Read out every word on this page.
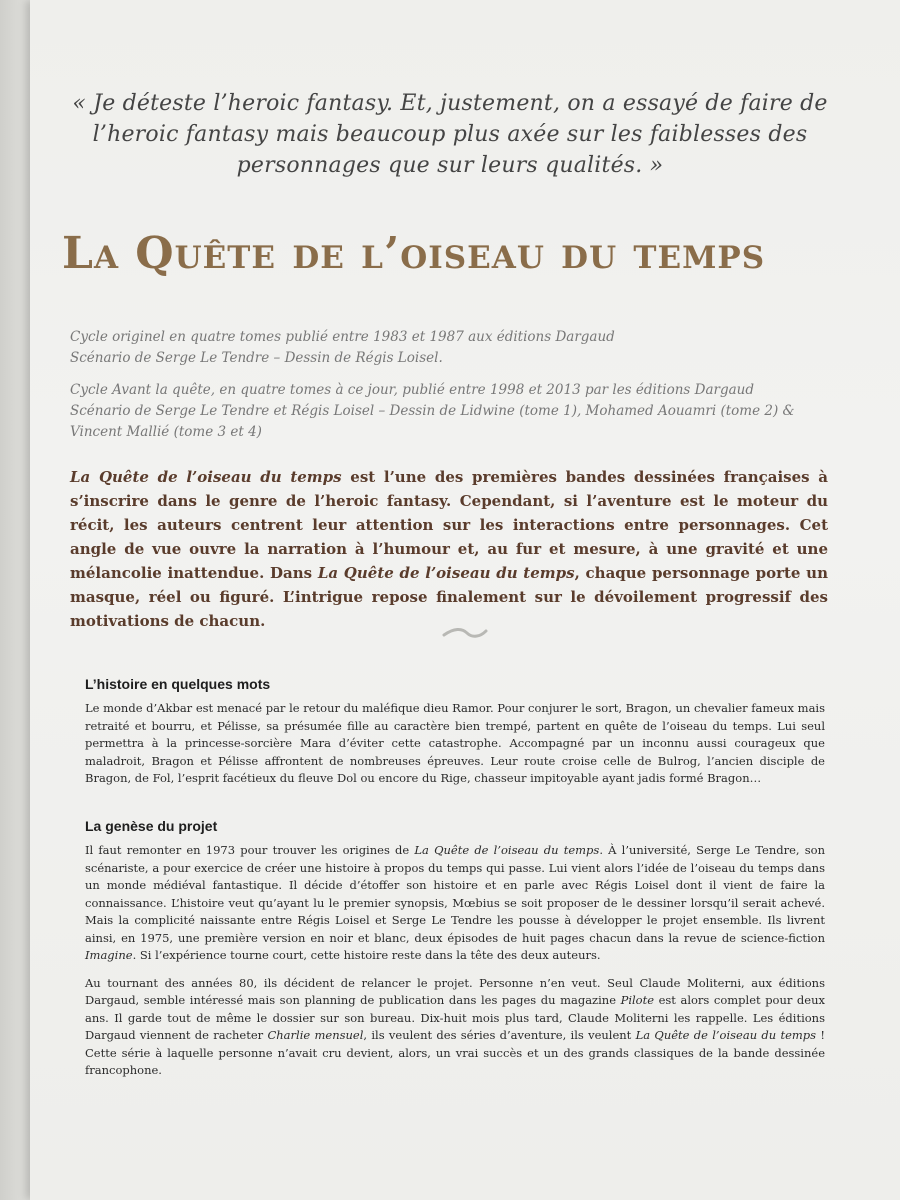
« Je déteste l’heroic fantasy. Et, justement, on a essayé de faire de l’heroic fantasy mais beaucoup plus axée sur les faiblesses des personnages que sur leurs qualités. »
La Quête de l’oiseau du temps

Cycle originel en quatre tomes publié entre 1983 et 1987 aux éditions Dargaud

Scénario de Serge Le Tendre – Dessin de Régis Loisel.

Cycle Avant la quête, en quatre tomes à ce jour, publié entre 1998 et 2013 par les éditions Dargaud

Scénario de Serge Le Tendre et Régis Loisel – Dessin de Lidwine (tome 1), Mohamed Aouamri (tome 2) & Vincent Mallié (tome 3 et 4)

La Quête de l’oiseau du temps est l’une des premières bandes dessinées françaises à s’inscrire dans le genre de l’heroic fantasy. Cependant, si l’aventure est le moteur du récit, les auteurs centrent leur attention sur les interactions entre personnages. Cet angle de vue ouvre la narration à l’humour et, au fur et mesure, à une gravité et une mélancolie inattendue. Dans La Quête de l’oiseau du temps, chaque personnage porte un masque, réel ou figuré. L’intrigue repose finalement sur le dévoilement progressif des motivations de chacun.
L’histoire en quelques mots

Le monde d’Akbar est menacé par le retour du maléfique dieu Ramor. Pour conjurer le sort, Bragon, un chevalier fameux mais retraité et bourru, et Pélisse, sa présumée fille au caractère bien trempé, partent en quête de l’oiseau du temps. Lui seul permettra à la princesse-sorcière Mara d’éviter cette catastrophe. Accompagné par un inconnu aussi courageux que maladroit, Bragon et Pélisse affrontent de nombreuses épreuves. Leur route croise celle de Bulrog, l’ancien disciple de Bragon, de Fol, l’esprit facétieux du fleuve Dol ou encore du Rige, chasseur impitoyable ayant jadis formé Bragon…

La genèse du projet

Il faut remonter en 1973 pour trouver les origines de La Quête de l’oiseau du temps. À l’université, Serge Le Tendre, son scénariste, a pour exercice de créer une histoire à propos du temps qui passe. Lui vient alors l’idée de l’oiseau du temps dans un monde médiéval fantastique. Il décide d’étoffer son histoire et en parle avec Régis Loisel dont il vient de faire la connaissance. L’histoire veut qu’ayant lu le premier synopsis, Mœbius se soit proposer de le dessiner lorsqu’il serait achevé. Mais la complicité naissante entre Régis Loisel et Serge Le Tendre les pousse à développer le projet ensemble. Ils livrent ainsi, en 1975, une première version en noir et blanc, deux épisodes de huit pages chacun dans la revue de science-fiction Imagine. Si l’expérience tourne court, cette histoire reste dans la tête des deux auteurs.

Au tournant des années 80, ils décident de relancer le projet. Personne n’en veut. Seul Claude Moliterni, aux éditions Dargaud, semble intéressé mais son planning de publication dans les pages du magazine Pilote est alors complet pour deux ans. Il garde tout de même le dossier sur son bureau. Dix-huit mois plus tard, Claude Moliterni les rappelle. Les éditions Dargaud viennent de racheter Charlie mensuel, ils veulent des séries d’aventure, ils veulent La Quête de l’oiseau du temps ! Cette série à laquelle personne n’avait cru devient, alors, un vrai succès et un des grands classiques de la bande dessinée francophone.
